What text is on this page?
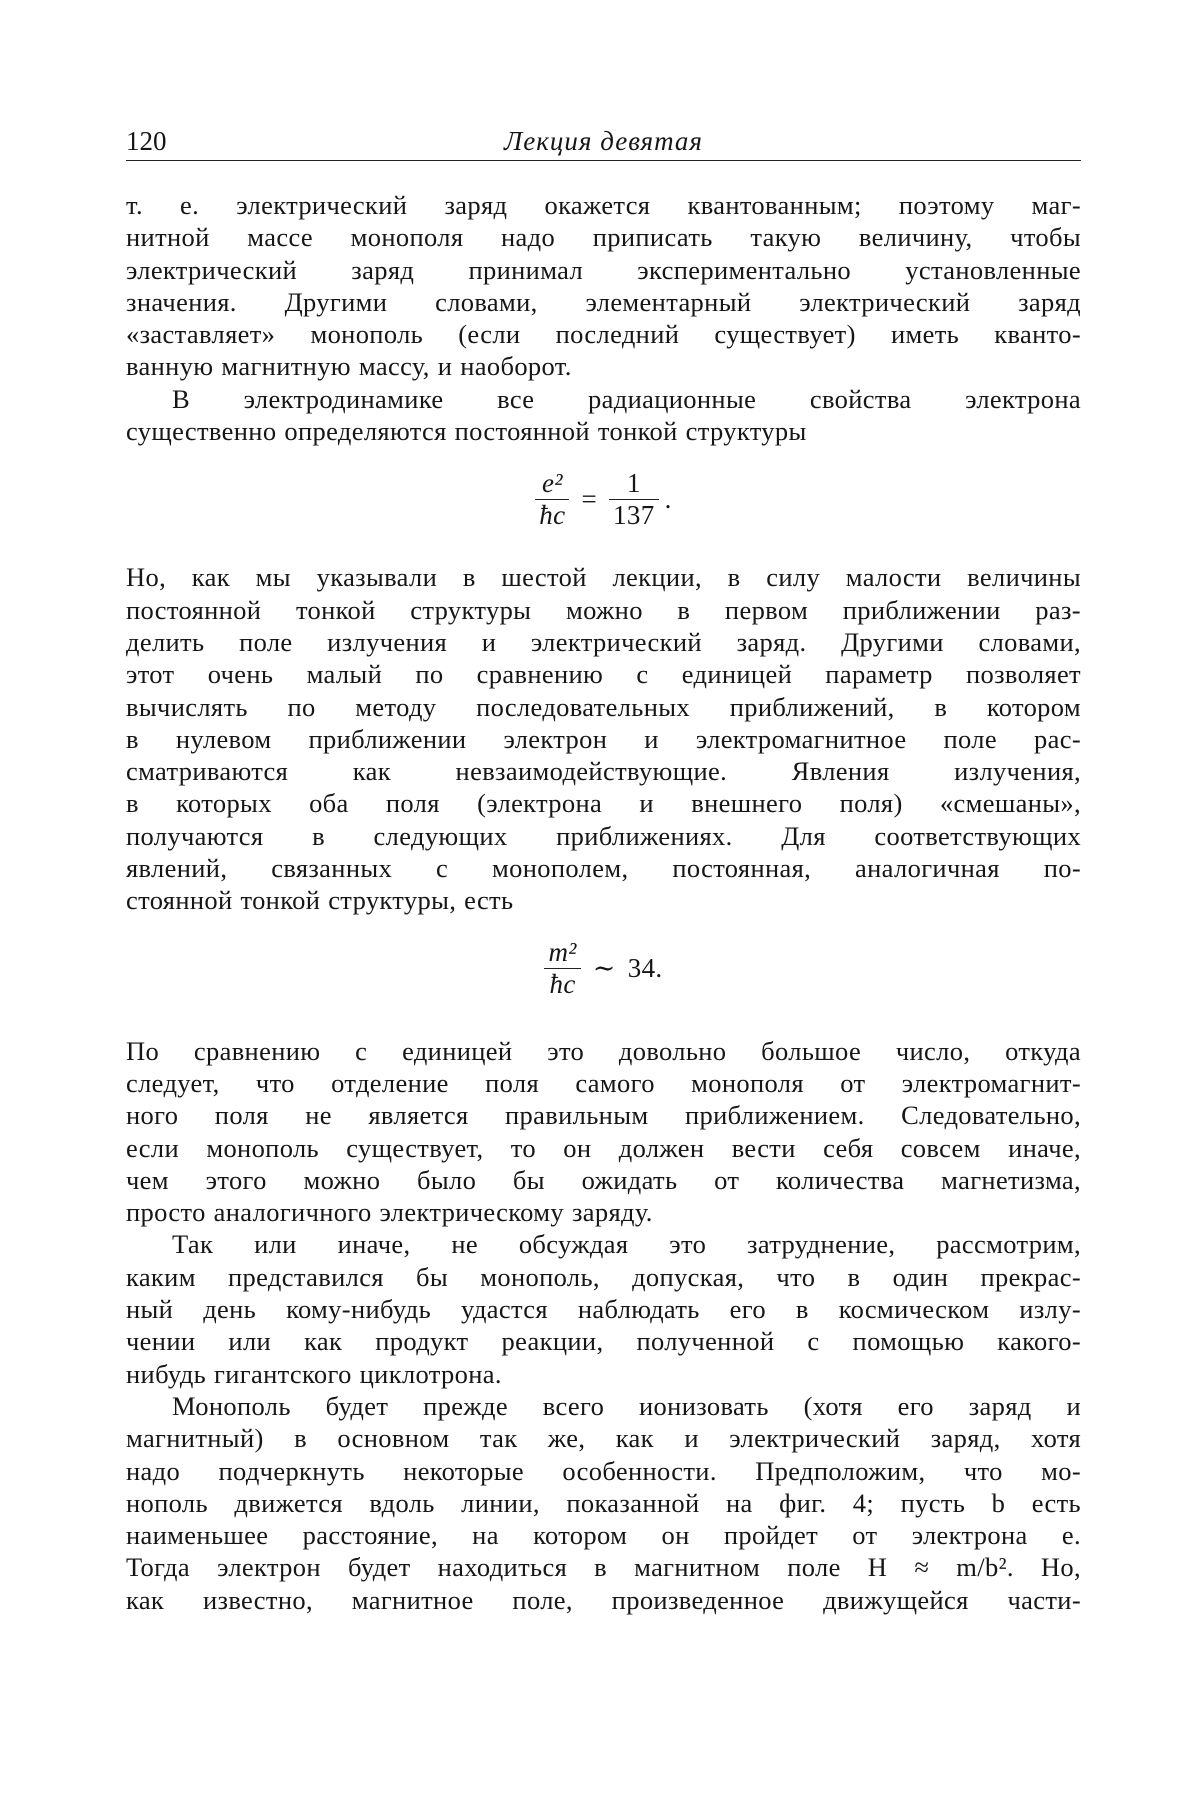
120	Лекция девятая
т. е. электрический заряд окажется квантованным; поэтому маг-
нитной массе монополя надо приписать такую величину, чтобы
электрический заряд принимал экспериментально установленные
значения. Другими словами, элементарный электрический заряд
«заставляет» монополь (если последний существует) иметь кванто-
ванную магнитную массу, и наоборот.
В электродинамике все радиационные свойства электрона
существенно определяются постоянной тонкой структуры
$\frac{\text{e²}}{ħc} = \frac{1}{137}$ .
Но, как мы указывали в шестой лекции, в силу малости величины
постоянной тонкой структуры можно в первом приближении раз-
делить поле излучения и электрический заряд. Другими словами,
этот очень малый по сравнению с единицей параметр позволяет
вычислять по методу последовательных приближений, в котором
в нулевом приближении электрон и электромагнитное поле рас-
сматриваются как невзаимодействующие. Явления излучения,
в которых оба поля (электрона и внешнего поля) «смешаны»,
получаются в следующих приближениях. Для соответствующих
явлений, связанных с монополем, постоянная, аналогичная по-
стоянной тонкой структуры, есть
$\frac{\text{m²}}{ħc}$ ∼ 34.
По сравнению с единицей это довольно большое число, откуда
следует, что отделение поля самого монополя от электромагнит-
ного поля не является правильным приближением. Следовательно,
если монополь существует, то он должен вести себя совсем иначе,
чем этого можно было бы ожидать от количества магнетизма,
просто аналогичного электрическому заряду.
Так или иначе, не обсуждая это затруднение, рассмотрим,
каким представился бы монополь, допуская, что в один прекрас-
ный день кому-нибудь удастся наблюдать его в космическом излу-
чении или как продукт реакции, полученной с помощью какого-
нибудь гигантского циклотрона.
Монополь будет прежде всего ионизовать (хотя его заряд и
магнитный) в основном так же, как и электрический заряд, хотя
надо подчеркнуть некоторые особенности. Предположим, что мо-
нополь движется вдоль линии, показанной на фиг. 4; пусть b есть
наименьшее расстояние, на котором он пройдет от электрона e.
Тогда электрон будет находиться в магнитном поле H ≈ m/b². Но,
как известно, магнитное поле, произведенное движущейся части-
